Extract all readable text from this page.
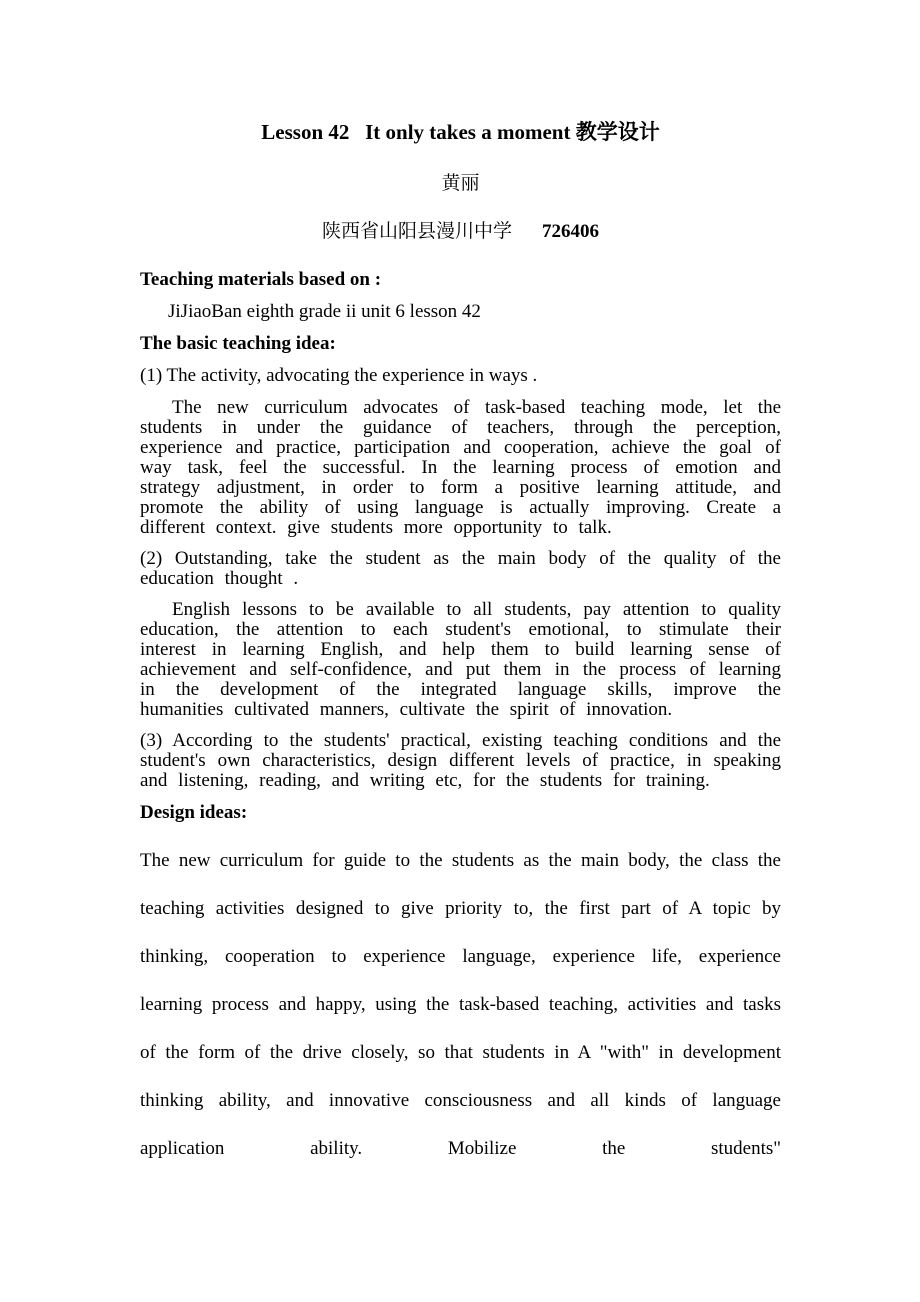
Lesson 42   It only takes a moment 教学设计
黄丽
陕西省山阳县漫川中学 726406
Teaching materials based on :
JiJiaoBan eighth grade ii unit 6 lesson 42
The basic teaching idea:
(1) The activity, advocating the experience in ways .
The new curriculum advocates of task-based teaching mode, let the students in under the guidance of teachers, through the perception, experience and practice, participation and cooperation, achieve the goal of way task, feel the successful. In the learning process of emotion and strategy adjustment, in order to form a positive learning attitude, and promote the ability of using language is actually improving. Create a different context. give students more opportunity to talk.
(2) Outstanding, take the student as the main body of the quality of the education thought .
English lessons to be available to all students, pay attention to quality education, the attention to each student's emotional, to stimulate their interest in learning English, and help them to build learning sense of achievement and self-confidence, and put them in the process of learning in the development of the integrated language skills, improve the humanities cultivated manners, cultivate the spirit of innovation.
(3) According to the students' practical, existing teaching conditions and the student's own characteristics, design different levels of practice, in speaking and listening, reading, and writing etc, for the students for training.
Design ideas:
The new curriculum for guide to the students as the main body, the class the teaching activities designed to give priority to, the first part of A topic by thinking, cooperation to experience language, experience life, experience learning process and happy, using the task-based teaching, activities and tasks of the form of the drive closely, so that students in A "with" in development thinking ability, and innovative consciousness and all kinds of language application ability. Mobilize the students"
